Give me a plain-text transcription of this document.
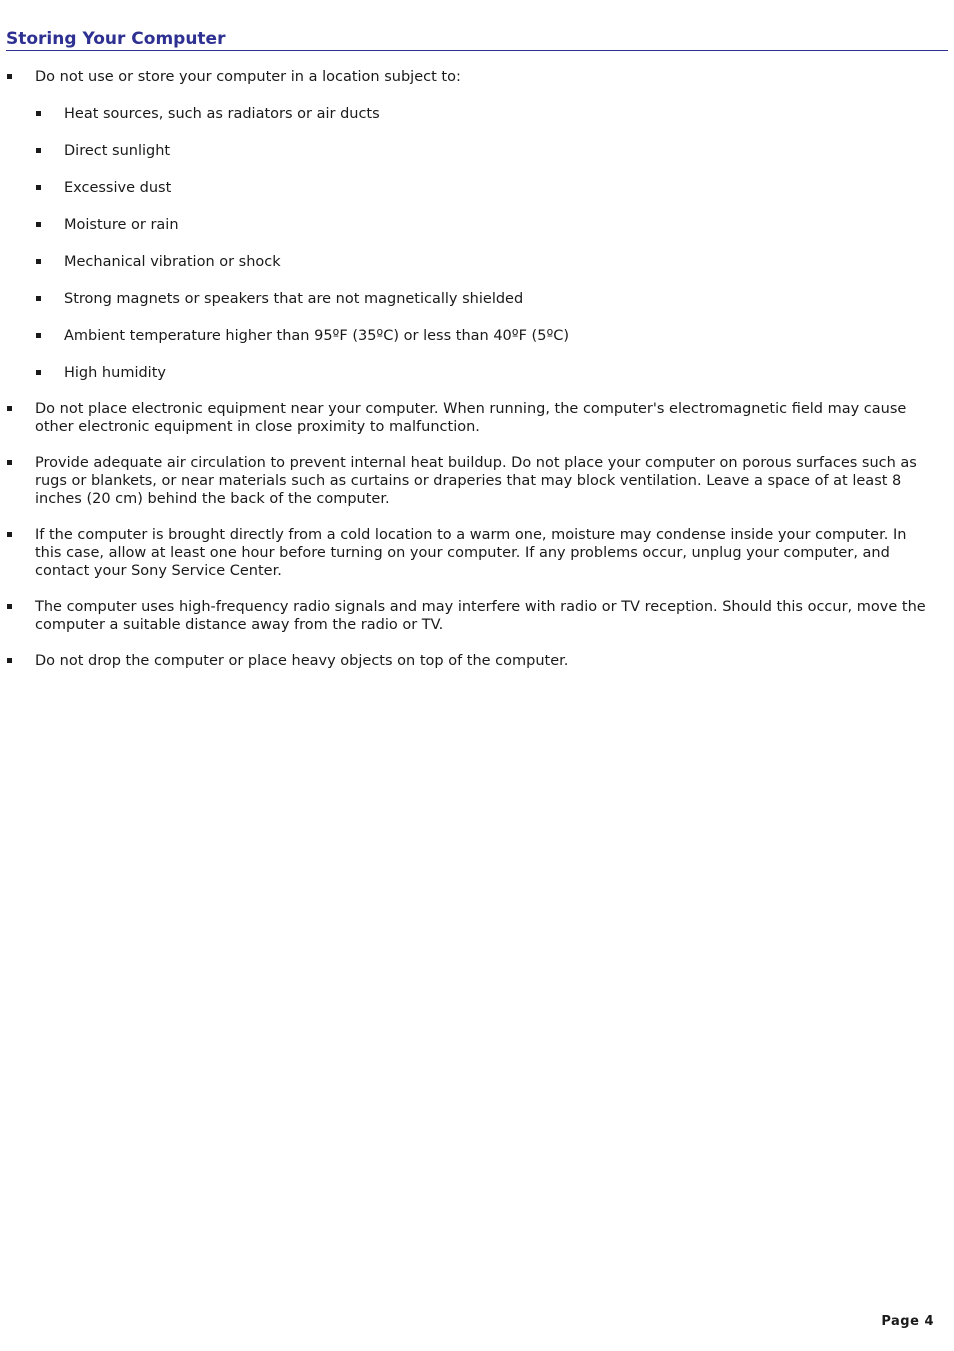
Storing Your Computer
Do not use or store your computer in a location subject to:
Heat sources, such as radiators or air ducts
Direct sunlight
Excessive dust
Moisture or rain
Mechanical vibration or shock
Strong magnets or speakers that are not magnetically shielded
Ambient temperature higher than 95ºF (35ºC) or less than 40ºF (5ºC)
High humidity
Do not place electronic equipment near your computer. When running, the computer's electromagnetic field may cause other electronic equipment in close proximity to malfunction.
Provide adequate air circulation to prevent internal heat buildup. Do not place your computer on porous surfaces such as rugs or blankets, or near materials such as curtains or draperies that may block ventilation. Leave a space of at least 8 inches (20 cm) behind the back of the computer.
If the computer is brought directly from a cold location to a warm one, moisture may condense inside your computer. In this case, allow at least one hour before turning on your computer. If any problems occur, unplug your computer, and contact your Sony Service Center.
The computer uses high-frequency radio signals and may interfere with radio or TV reception. Should this occur, move the computer a suitable distance away from the radio or TV.
Do not drop the computer or place heavy objects on top of the computer.
Page 4
